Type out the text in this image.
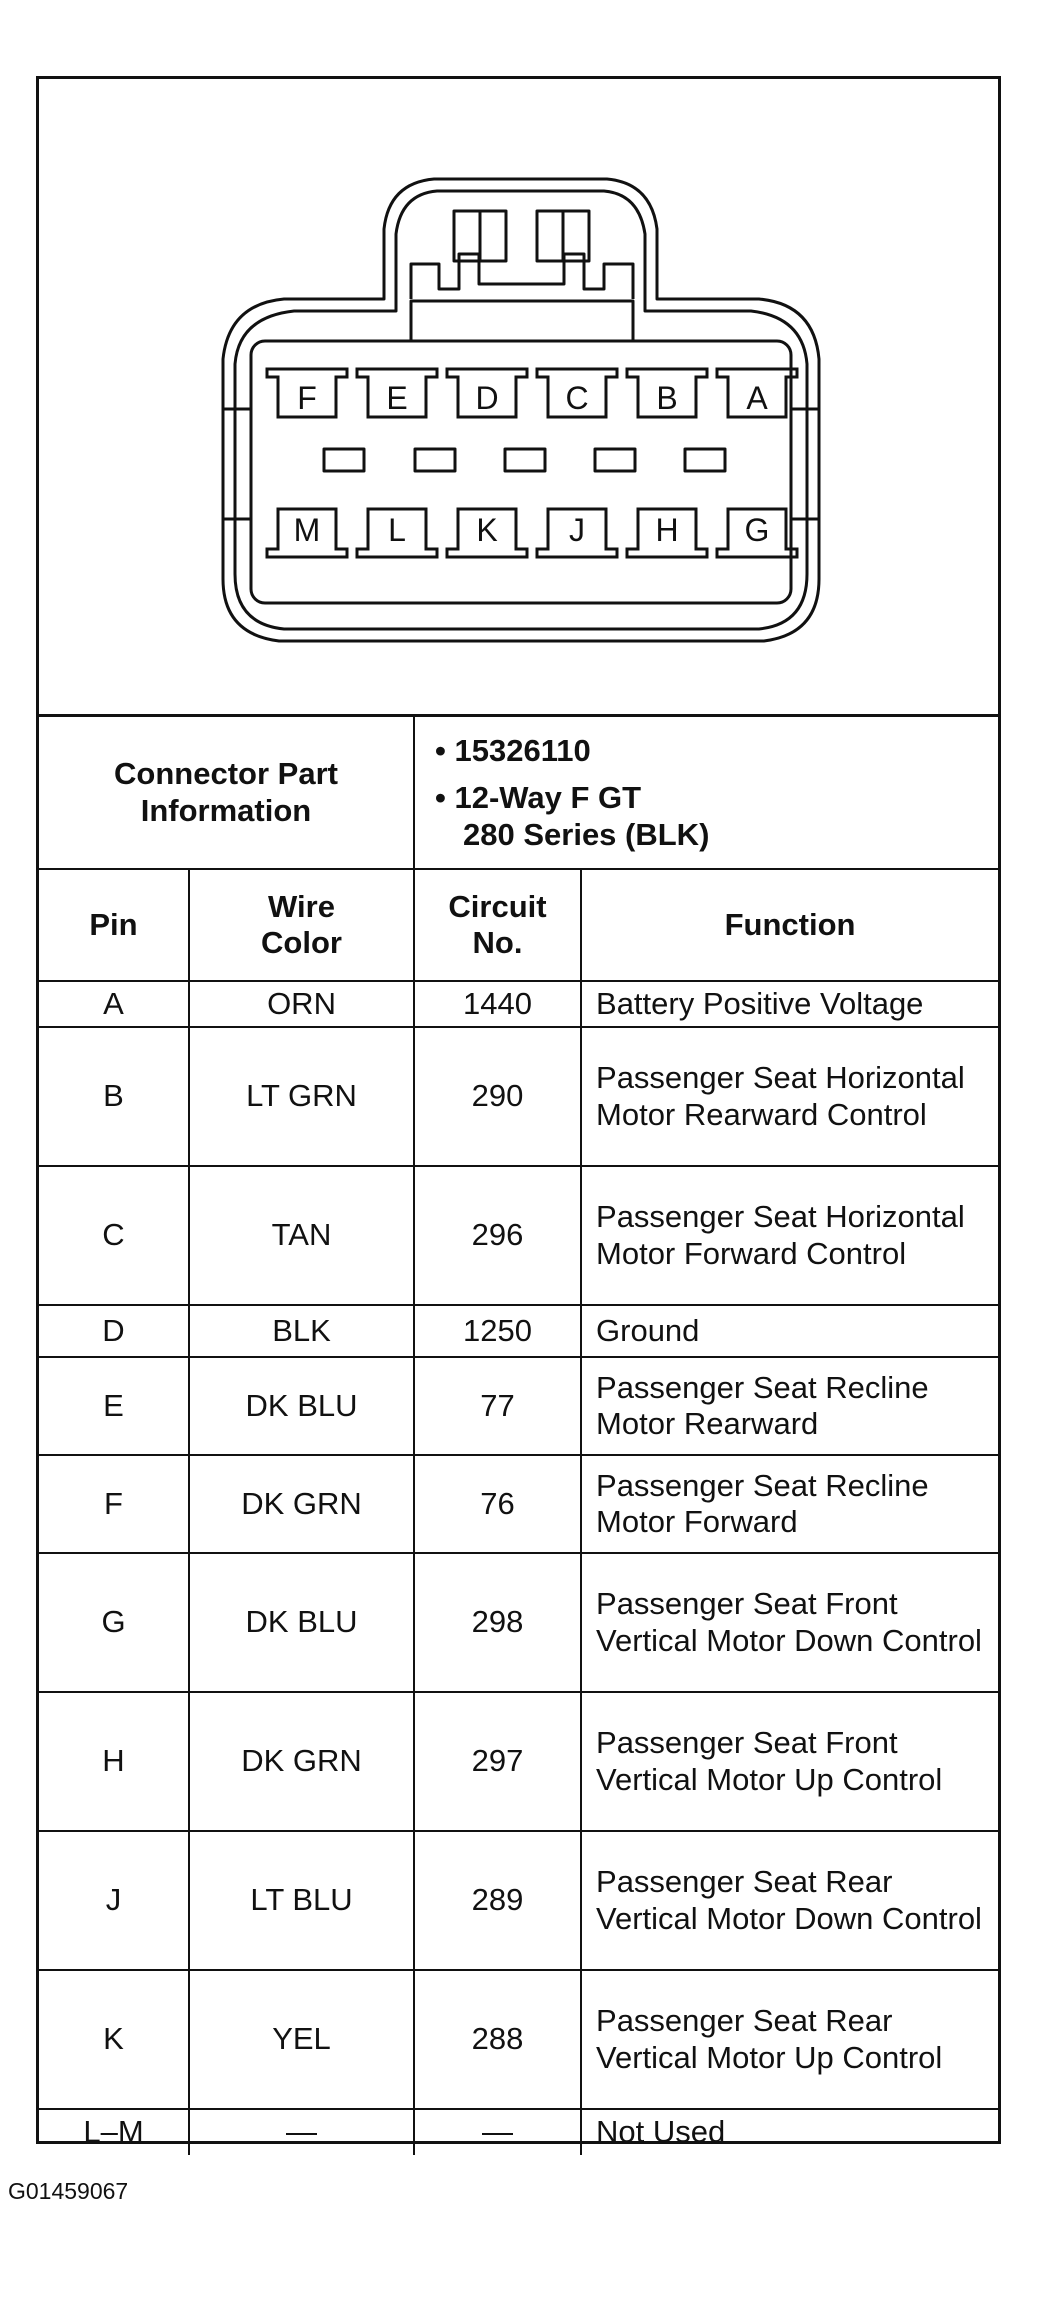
F E D C B A
M L K J H G
Connector Part Information		• 15326110
• 12-Way F GT
280 Series (BLK)	

Pin	Wire Color	Circuit No.	Function
A	ORN	1440	Battery Positive Voltage
B	LT GRN	290	Passenger Seat Horizontal Motor Rearward Control
C	TAN	296	Passenger Seat Horizontal Motor Forward Control
D	BLK	1250	Ground
E	DK BLU	77	Passenger Seat Recline Motor Rearward
F	DK GRN	76	Passenger Seat Recline Motor Forward
G	DK BLU	298	Passenger Seat Front Vertical Motor Down Control
H	DK GRN	297	Passenger Seat Front Vertical Motor Up Control
J	LT BLU	289	Passenger Seat Rear Vertical Motor Down Control
K	YEL	288	Passenger Seat Rear Vertical Motor Up Control
L–M	—	—	Not Used
G01459067
